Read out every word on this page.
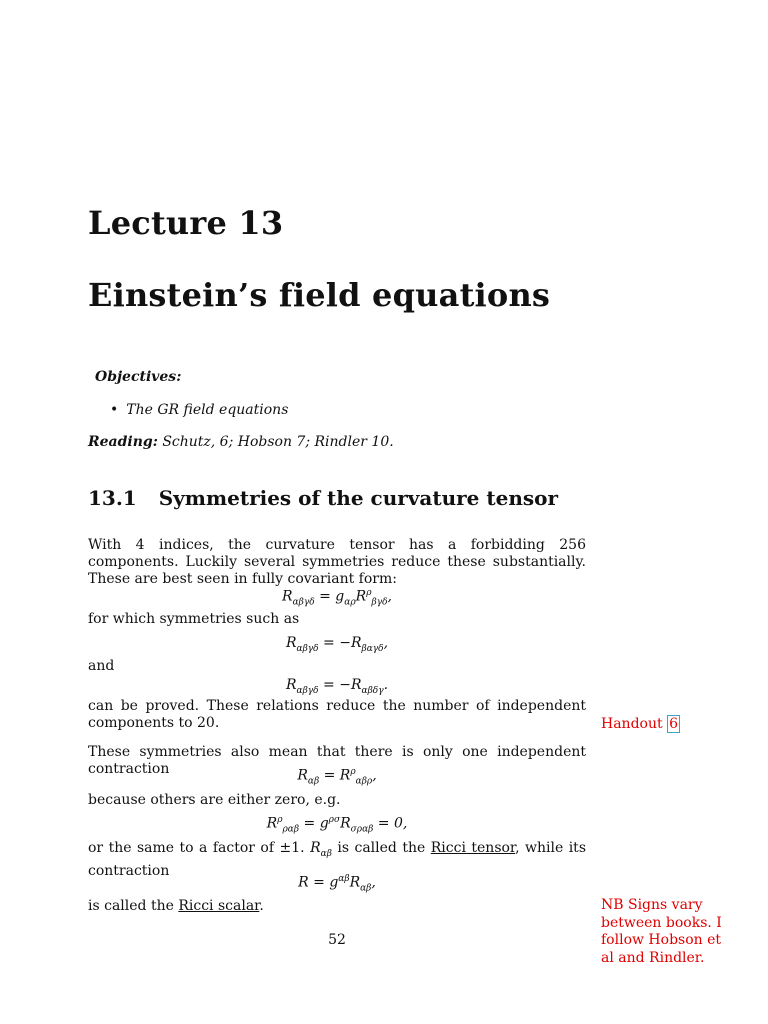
Lecture 13
Einstein’s field equations
Objectives:
• The GR field equations
Reading: Schutz, 6; Hobson 7; Rindler 10.
13.1 Symmetries of the curvature tensor
With 4 indices, the curvature tensor has a forbidding 256 components. Luckily several symmetries reduce these substantially. These are best seen in fully covariant form:
$R_{\alpha\beta\gamma\delta} = g_{\alpha\rho}R^\rho_{\beta\gamma\delta}$,
for which symmetries such as
$R_{\alpha\beta\gamma\delta} = -R_{\beta\alpha\gamma\delta}$,
and
$R_{\alpha\beta\gamma\delta} = -R_{\alpha\beta\delta\gamma}$.
can be proved. These relations reduce the number of independent components to 20.
These symmetries also mean that there is only one independent contraction	$R_{\alpha\beta} = R^\rho_{\alpha\beta\rho}$,
because others are either zero, e.g.
$R^\rho_{\rho\alpha\beta} = g^{\rho\sigma}R_{\sigma\rho\alpha\beta} = 0$,
or the same to a factor of ±1. $R_{\alpha\beta}$ is called the Ricci tensor, while its contraction
$R = g^{\alpha\beta}R_{\alpha\beta}$,
is called the Ricci scalar.
Handout 6
NB Signs vary
between books. I
follow Hobson et
al and Rindler.
52
